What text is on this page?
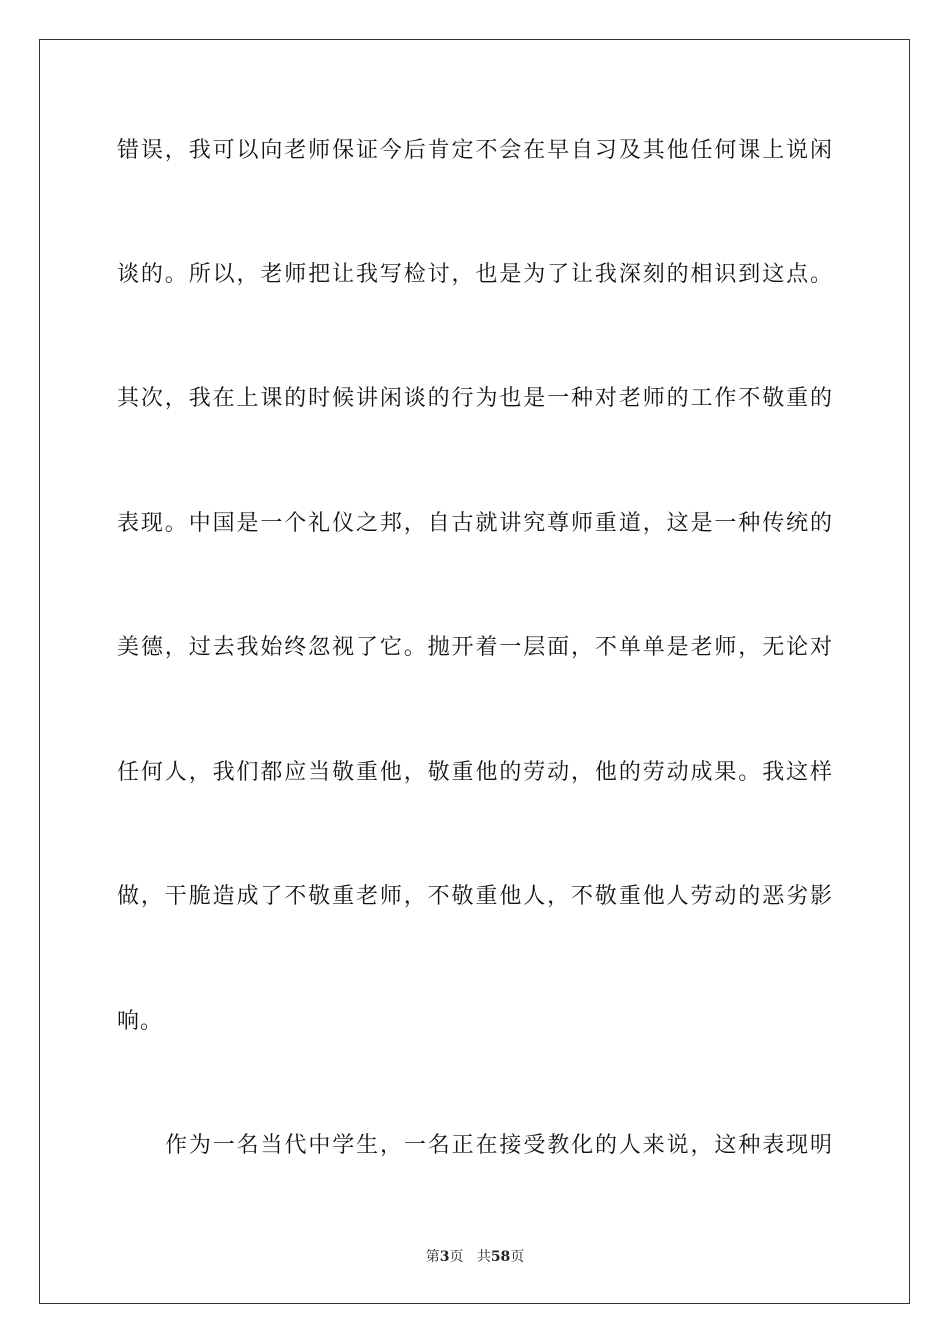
错误，我可以向老师保证今后肯定不会在早自习及其他任何课上说闲
谈的。所以，老师把让我写检讨，也是为了让我深刻的相识到这点。
其次，我在上课的时候讲闲谈的行为也是一种对老师的工作不敬重的
表现。中国是一个礼仪之邦，自古就讲究尊师重道，这是一种传统的
美德，过去我始终忽视了它。抛开着一层面，不单单是老师，无论对
任何人，我们都应当敬重他，敬重他的劳动，他的劳动成果。我这样
做，干脆造成了不敬重老师，不敬重他人，不敬重他人劳动的恶劣影
响。
作为一名当代中学生，一名正在接受教化的人来说，这种表现明
第3页 共58页
